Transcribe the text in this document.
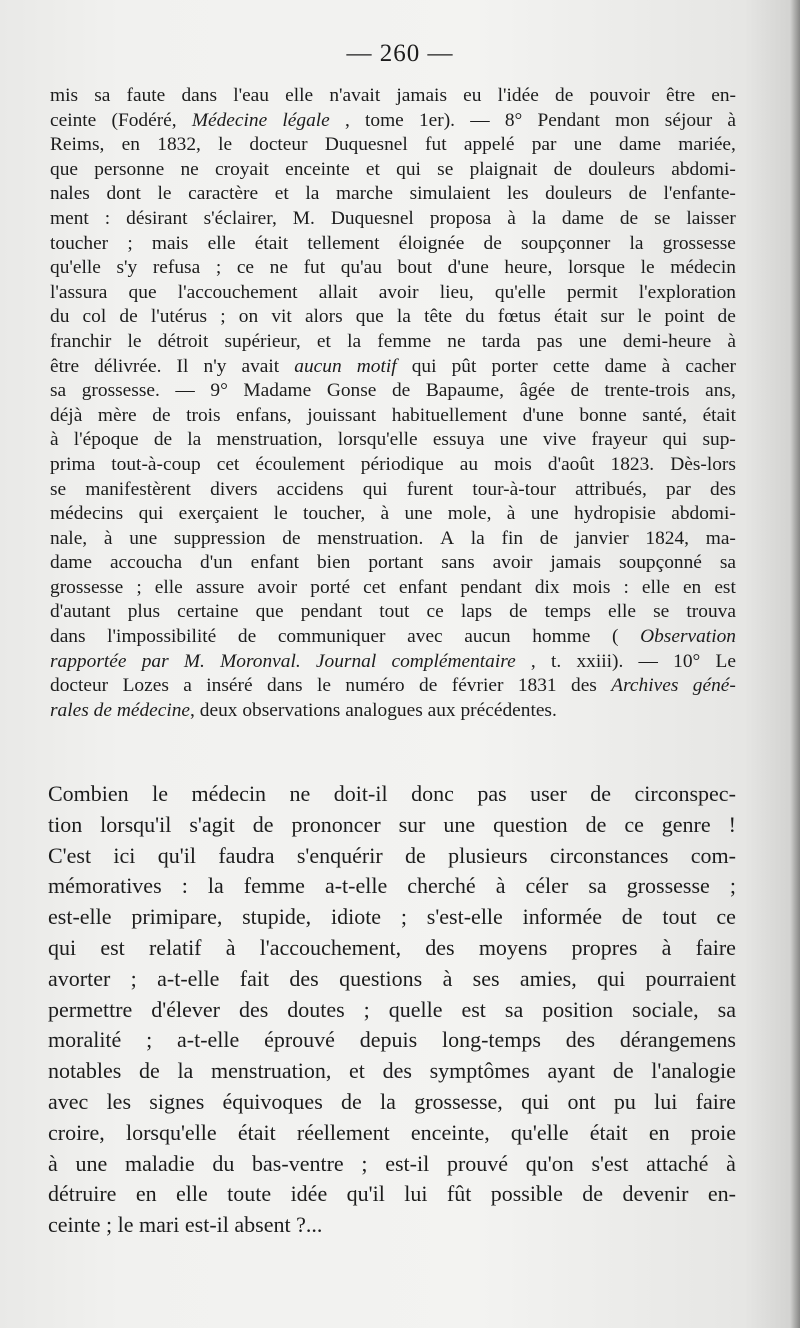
— 260 —
mis sa faute dans l'eau elle n'avait jamais eu l'idée de pouvoir être en-
ceinte (Fodéré, Médecine légale , tome 1er). — 8° Pendant mon séjour à
Reims, en 1832, le docteur Duquesnel fut appelé par une dame mariée,
que personne ne croyait enceinte et qui se plaignait de douleurs abdomi-
nales dont le caractère et la marche simulaient les douleurs de l'enfante-
ment : désirant s'éclairer, M. Duquesnel proposa à la dame de se laisser
toucher ; mais elle était tellement éloignée de soupçonner la grossesse
qu'elle s'y refusa ; ce ne fut qu'au bout d'une heure, lorsque le médecin
l'assura que l'accouchement allait avoir lieu, qu'elle permit l'exploration
du col de l'utérus ; on vit alors que la tête du fœtus était sur le point de
franchir le détroit supérieur, et la femme ne tarda pas une demi-heure à
être délivrée. Il n'y avait aucun motif qui pût porter cette dame à cacher
sa grossesse. — 9° Madame Gonse de Bapaume, âgée de trente-trois ans,
déjà mère de trois enfans, jouissant habituellement d'une bonne santé, était
à l'époque de la menstruation, lorsqu'elle essuya une vive frayeur qui sup-
prima tout-à-coup cet écoulement périodique au mois d'août 1823. Dès-lors
se manifestèrent divers accidens qui furent tour-à-tour attribués, par des
médecins qui exerçaient le toucher, à une mole, à une hydropisie abdomi-
nale, à une suppression de menstruation. A la fin de janvier 1824, ma-
dame accoucha d'un enfant bien portant sans avoir jamais soupçonné sa
grossesse ; elle assure avoir porté cet enfant pendant dix mois : elle en est
d'autant plus certaine que pendant tout ce laps de temps elle se trouva
dans l'impossibilité de communiquer avec aucun homme ( Observation
rapportée par M. Moronval. Journal complémentaire , t. xxiii). — 10° Le
docteur Lozes a inséré dans le numéro de février 1831 des Archives géné-
rales
de
médecine ,
deux
observations
analogues
aux
précédentes.
Combien le médecin ne doit-il donc pas user de circonspec-
tion lorsqu'il s'agit de prononcer sur une question de ce genre !
C'est ici qu'il faudra s'enquérir de plusieurs circonstances com-
mémoratives : la femme a-t-elle cherché à céler sa grossesse ;
est-elle primipare, stupide, idiote ; s'est-elle informée de tout ce
qui est relatif à l'accouchement, des moyens propres à faire
avorter ; a-t-elle fait des questions à ses amies, qui pourraient
permettre d'élever des doutes ; quelle est sa position sociale, sa
moralité ; a-t-elle éprouvé depuis long-temps des dérangemens
notables de la menstruation, et des symptômes ayant de l'analogie
avec les signes équivoques de la grossesse, qui ont pu lui faire
croire, lorsqu'elle était réellement enceinte, qu'elle était en proie
à une maladie du bas-ventre ; est-il prouvé qu'on s'est attaché à
détruire en elle toute idée qu'il lui fût possible de devenir en-
ceinte
;
le
mari
est-il
absent
?...
